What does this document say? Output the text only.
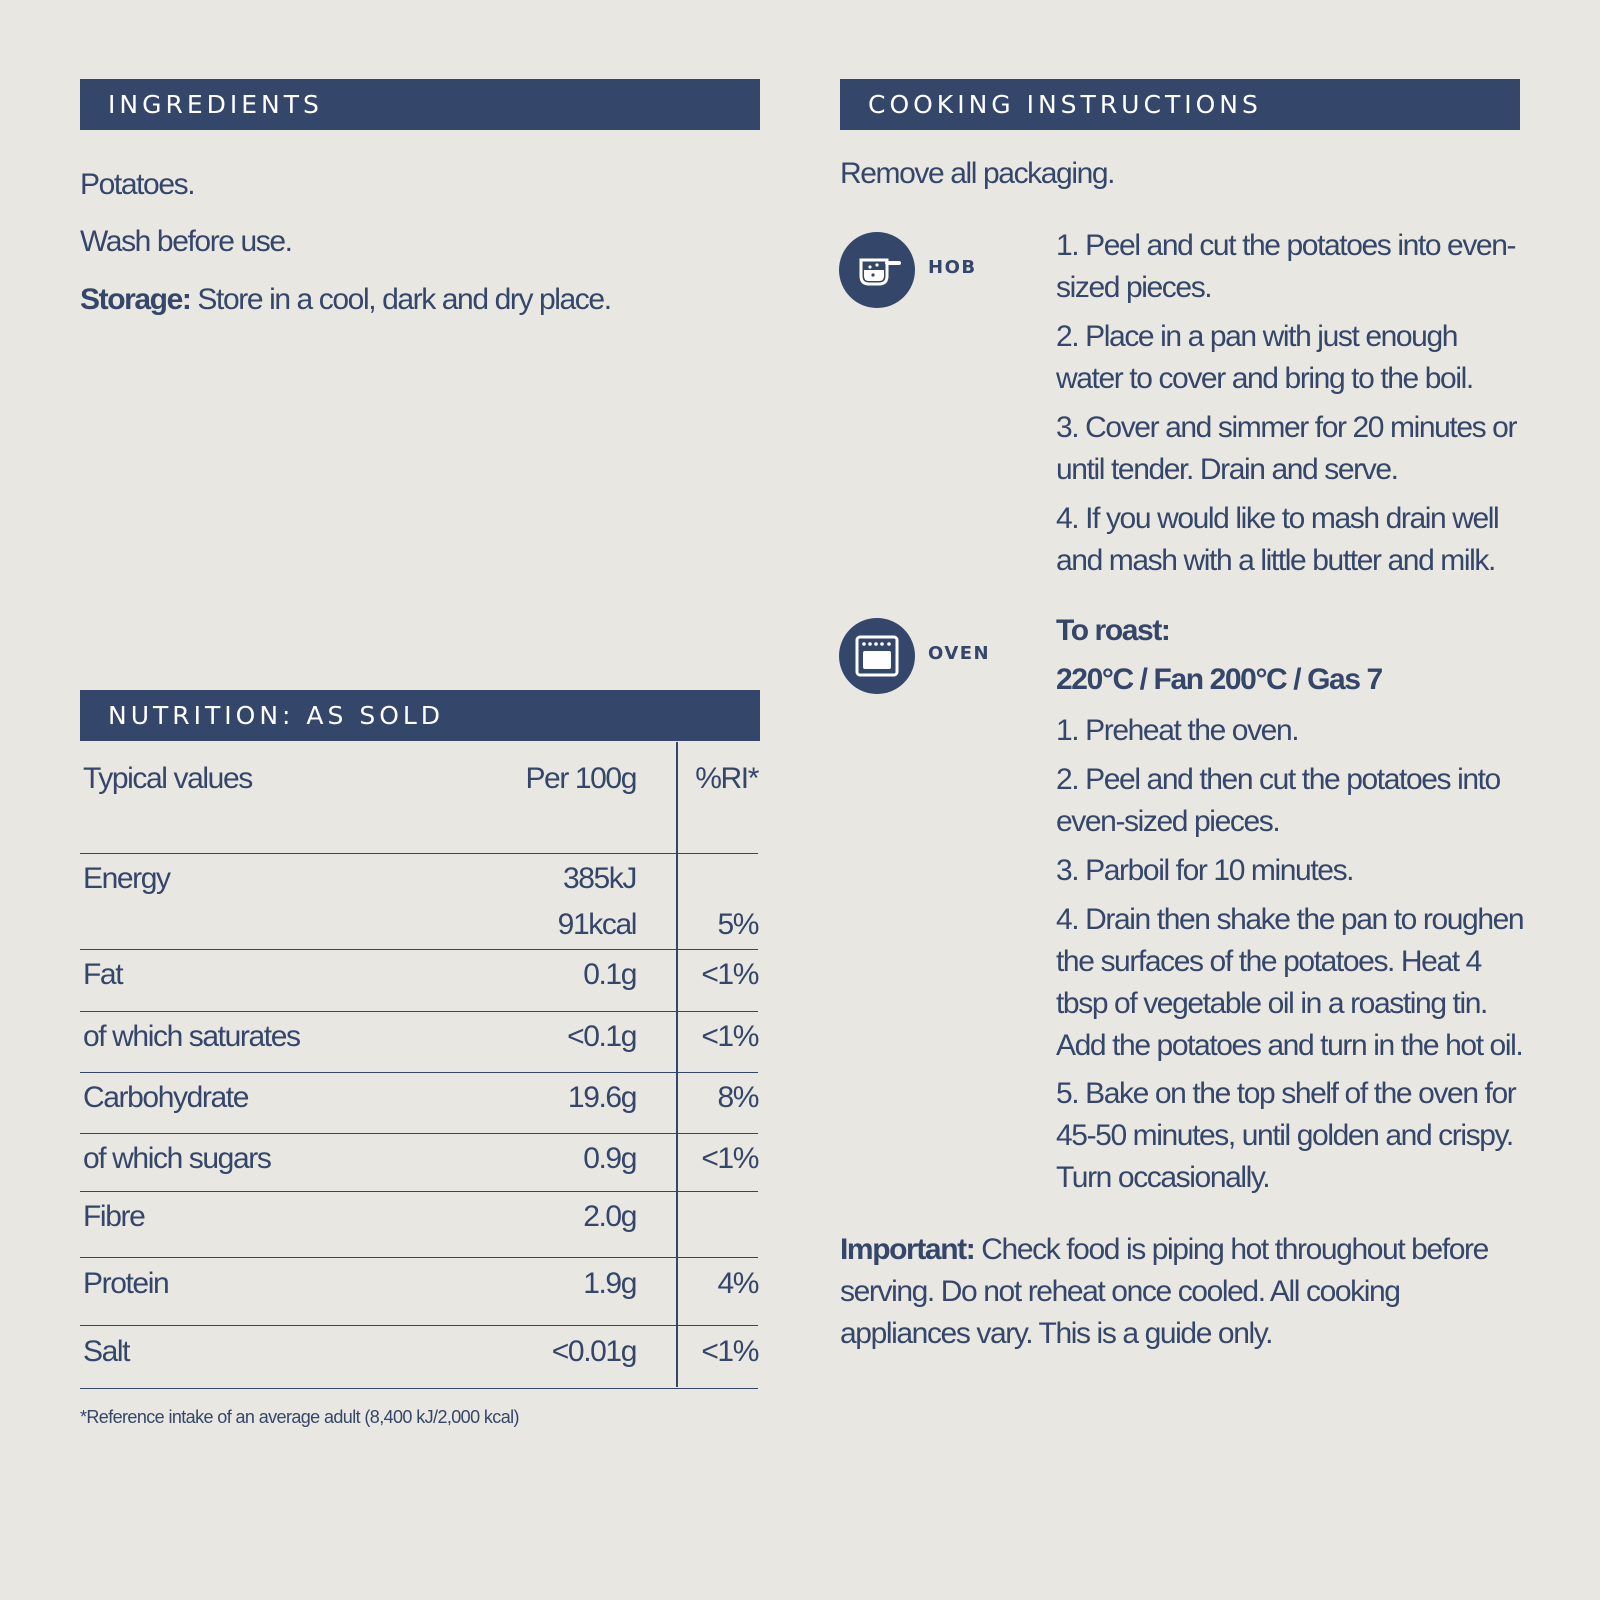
INGREDIENTS
Potatoes.
Wash before use.
Storage: Store in a cool, dark and dry place.
NUTRITION: AS SOLD
Typical values	Per 100g %RI*
Energy	385kJ
91kcal	5%
Fat	0.1g <1%
of which saturates	<0.1g <1%
Carbohydrate	19.6g	8%
of which sugars	0.9g <1%
Fibre	2.0g
Protein	1.9g	4%
Salt	<0.01g <1%
*Reference intake of an average adult (8,400 kJ/2,000 kcal)
COOKING INSTRUCTIONS
Remove all packaging.
HOB
1. Peel and cut the potatoes into even-sized pieces.
2. Place in a pan with just enough water to cover and bring to the boil.
3. Cover and simmer for 20 minutes or until tender. Drain and serve.
4. If you would like to mash drain well and mash with a little butter and milk.
OVEN
To roast:
220°C / Fan 200°C / Gas 7
1. Preheat the oven.
2. Peel and then cut the potatoes into even-sized pieces.
3. Parboil for 10 minutes.
4. Drain then shake the pan to roughen the surfaces of the potatoes. Heat 4 tbsp of vegetable oil in a roasting tin. Add the potatoes and turn in the hot oil.
5. Bake on the top shelf of the oven for 45-50 minutes, until golden and crispy. Turn occasionally.
Important: Check food is piping hot throughout before serving. Do not reheat once cooled. All cooking appliances vary. This is a guide only.
